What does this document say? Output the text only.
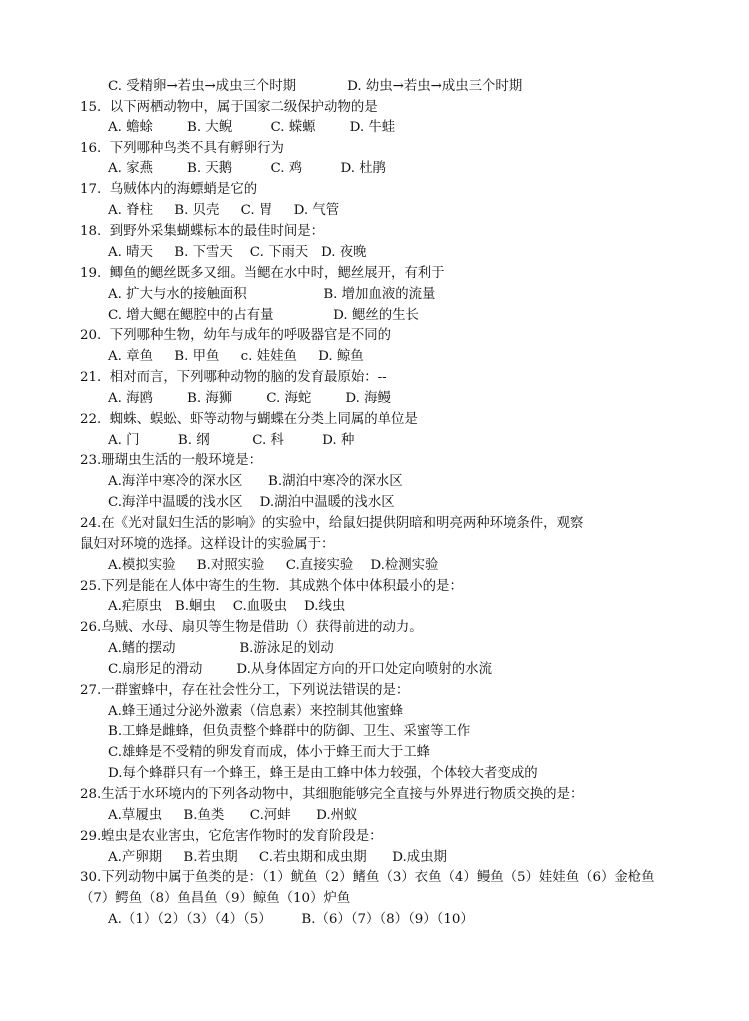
C. 受精卵→若虫→成虫三个时期            D. 幼虫→若虫→成虫三个时期
15.  以下两栖动物中，属于国家二级保护动物的是
A. 蟾蜍        B. 大鲵         C. 蝾螈        D. 牛蛙
16.  下列哪种鸟类不具有孵卵行为
A. 家燕        B. 天鹅         C. 鸡         D. 杜鹃
17.  乌贼体内的海螵蛸是它的
A. 脊柱     B. 贝壳     C. 胃     D. 气管
18.  到野外采集蝴蝶标本的最佳时间是：
A. 晴天     B. 下雪天    C. 下雨天   D. 夜晚
19.  鲫鱼的鳃丝既多又细。当鳃在水中时，鳃丝展开，有利于
A. 扩大与水的接触面积                  B. 增加血液的流量
C. 增大鳃在鳃腔中的占有量              D. 鳃丝的生长
20.  下列哪种生物，幼年与成年的呼吸器官是不同的
A. 章鱼     B. 甲鱼     c. 娃娃鱼     D. 鲸鱼
21.  相对而言，下列哪种动物的脑的发育最原始：--
A. 海鸥        B. 海狮        C. 海蛇        D. 海鳗
22.  蜘蛛、蜈蚣、虾等动物与蝴蝶在分类上同属的单位是
A. 门         B. 纲          C. 科         D. 种
23.珊瑚虫生活的一般环境是：
A.海洋中寒冷的深水区      B.湖泊中寒冷的深水区
C.海洋中温暖的浅水区    D.湖泊中温暖的浅水区
24.在《光对鼠妇生活的影响》的实验中，给鼠妇提供阴暗和明亮两种环境条件，观察
鼠妇对环境的选择。这样设计的实验属于：
A.模拟实验     B.对照实验     C.直接实验    D.检测实验
25.下列是能在人体中寄生的生物．其成熟个体中体积最小的是：
A.疟原虫   B.蛔虫    C.血吸虫    D.线虫
26.乌贼、水母、扇贝等生物是借助（）获得前进的动力。
A.鳍的摆动               B.游泳足的划动
C.扇形足的滑动        D.从身体固定方向的开口处定向喷射的水流
27.一群蜜蜂中，存在社会性分工，下列说法错误的是：
A.蜂王通过分泌外激素（信息素）来控制其他蜜蜂
B.工蜂是雌蜂，但负责整个蜂群中的防御、卫生、采蜜等工作
C.雄蜂是不受精的卵发育而成，体小于蜂王而大于工蜂
D.每个蜂群只有一个蜂王，蜂王是由工蜂中体力较强，个体较大者变成的
28.生活于水环境内的下列各动物中，其细胞能够完全直接与外界进行物质交换的是：
A.草履虫     B.鱼类      C.河蚌      D.州蚁
29.蝗虫是农业害虫，它危害作物时的发育阶段是：
A.产卵期     B.若虫期     C.若虫期和成虫期      D.成虫期
30.下列动物中属于鱼类的是：（1）鱿鱼（2）鳍鱼（3）衣鱼（4）鳗鱼（5）娃娃鱼（6）金枪鱼
（7）鳄鱼（8）鱼昌鱼（9）鲸鱼（10）炉鱼
A.（1）（2）（3）（4）（5）       B.（6）（7）（8）（9）（10）
